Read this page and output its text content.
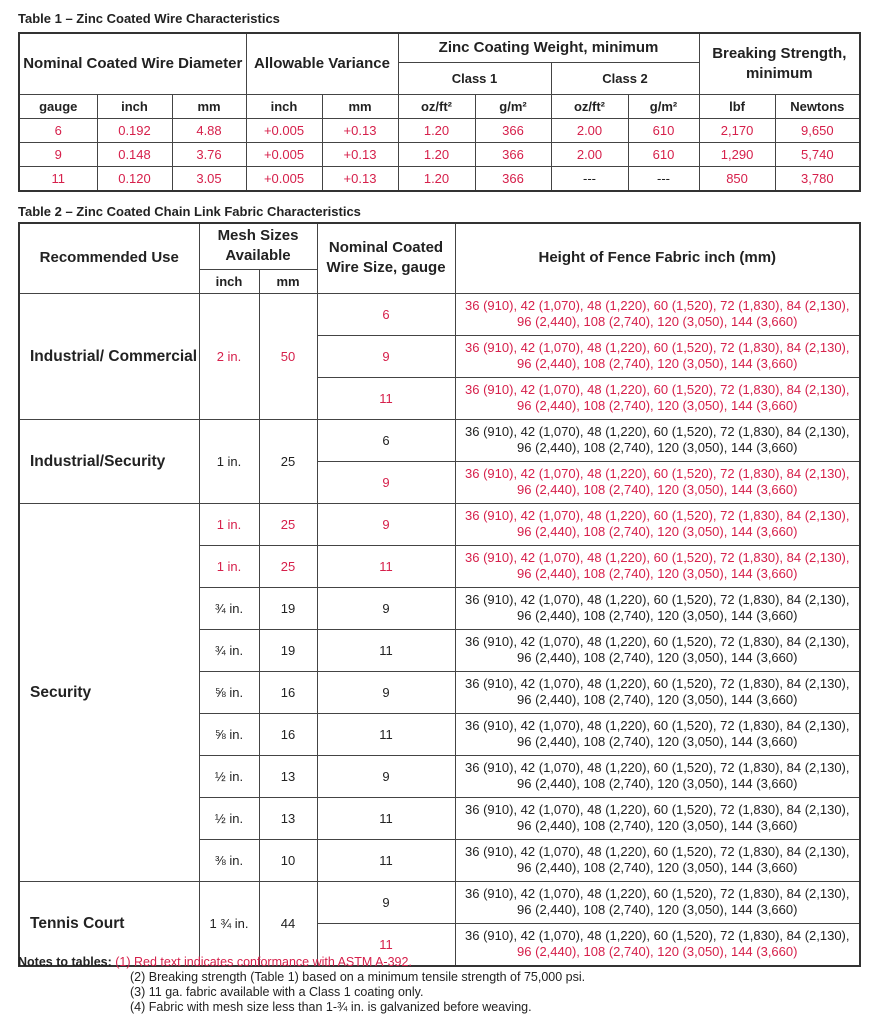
Table 1 – Zinc Coated Wire Characteristics
Nominal Coated Wire Diameter			Allowable Variance		Zinc Coating Weight, minimum				Breaking Strength, minimum	
					Class 1		Class 2			
gauge	inch	mm	inch	mm	oz/ft²	g/m²	oz/ft²	g/m²	lbf	Newtons
6	0.192	4.88	+0.005	+0.13	1.20	366	2.00	610	2,170	9,650
9	0.148	3.76	+0.005	+0.13	1.20	366	2.00	610	1,290	5,740
11	0.120	3.05	+0.005	+0.13	1.20	366	---	---	850	3,780
Table 2 – Zinc Coated Chain Link Fabric Characteristics
Recommended Use	Mesh Sizes Available		Nominal Coated Wire Size, gauge	Height of Fence Fabric inch (mm)
	inch	mm		
Industrial/ Commercial	2 in.	50	6	36 (910), 42 (1,070), 48 (1,220), 60 (1,520), 72 (1,830), 84 (2,130), 96 (2,440), 108 (2,740), 120 (3,050), 144 (3,660)
			9	36 (910), 42 (1,070), 48 (1,220), 60 (1,520), 72 (1,830), 84 (2,130), 96 (2,440), 108 (2,740), 120 (3,050), 144 (3,660)
			11	36 (910), 42 (1,070), 48 (1,220), 60 (1,520), 72 (1,830), 84 (2,130), 96 (2,440), 108 (2,740), 120 (3,050), 144 (3,660)
Industrial/Security	1 in.	25	6	36 (910), 42 (1,070), 48 (1,220), 60 (1,520), 72 (1,830), 84 (2,130), 96 (2,440), 108 (2,740), 120 (3,050), 144 (3,660)
			9	36 (910), 42 (1,070), 48 (1,220), 60 (1,520), 72 (1,830), 84 (2,130), 96 (2,440), 108 (2,740), 120 (3,050), 144 (3,660)
Security	1 in.	25	9	36 (910), 42 (1,070), 48 (1,220), 60 (1,520), 72 (1,830), 84 (2,130), 96 (2,440), 108 (2,740), 120 (3,050), 144 (3,660)
	1 in.	25	11	36 (910), 42 (1,070), 48 (1,220), 60 (1,520), 72 (1,830), 84 (2,130), 96 (2,440), 108 (2,740), 120 (3,050), 144 (3,660)
	¾ in.	19	9	36 (910), 42 (1,070), 48 (1,220), 60 (1,520), 72 (1,830), 84 (2,130), 96 (2,440), 108 (2,740), 120 (3,050), 144 (3,660)
	¾ in.	19	11	36 (910), 42 (1,070), 48 (1,220), 60 (1,520), 72 (1,830), 84 (2,130), 96 (2,440), 108 (2,740), 120 (3,050), 144 (3,660)
	⅝ in.	16	9	36 (910), 42 (1,070), 48 (1,220), 60 (1,520), 72 (1,830), 84 (2,130), 96 (2,440), 108 (2,740), 120 (3,050), 144 (3,660)
	⅝ in.	16	11	36 (910), 42 (1,070), 48 (1,220), 60 (1,520), 72 (1,830), 84 (2,130), 96 (2,440), 108 (2,740), 120 (3,050), 144 (3,660)
	½ in.	13	9	36 (910), 42 (1,070), 48 (1,220), 60 (1,520), 72 (1,830), 84 (2,130), 96 (2,440), 108 (2,740), 120 (3,050), 144 (3,660)
	½ in.	13	11	36 (910), 42 (1,070), 48 (1,220), 60 (1,520), 72 (1,830), 84 (2,130), 96 (2,440), 108 (2,740), 120 (3,050), 144 (3,660)
	⅜ in.	10	11	36 (910), 42 (1,070), 48 (1,220), 60 (1,520), 72 (1,830), 84 (2,130), 96 (2,440), 108 (2,740), 120 (3,050), 144 (3,660)
Tennis Court	1 ¾ in.	44	9	36 (910), 42 (1,070), 48 (1,220), 60 (1,520), 72 (1,830), 84 (2,130), 96 (2,440), 108 (2,740), 120 (3,050), 144 (3,660)
			11	36 (910), 42 (1,070), 48 (1,220), 60 (1,520), 72 (1,830), 84 (2,130), 96 (2,440), 108 (2,740), 120 (3,050), 144 (3,660)
Notes to tables: (1) Red text indicates conformance with ASTM A-392.
(2) Breaking strength (Table 1) based on a minimum tensile strength of 75,000 psi.
(3) 11 ga. fabric available with a Class 1 coating only.
(4) Fabric with mesh size less than 1-¾ in. is galvanized before weaving.
